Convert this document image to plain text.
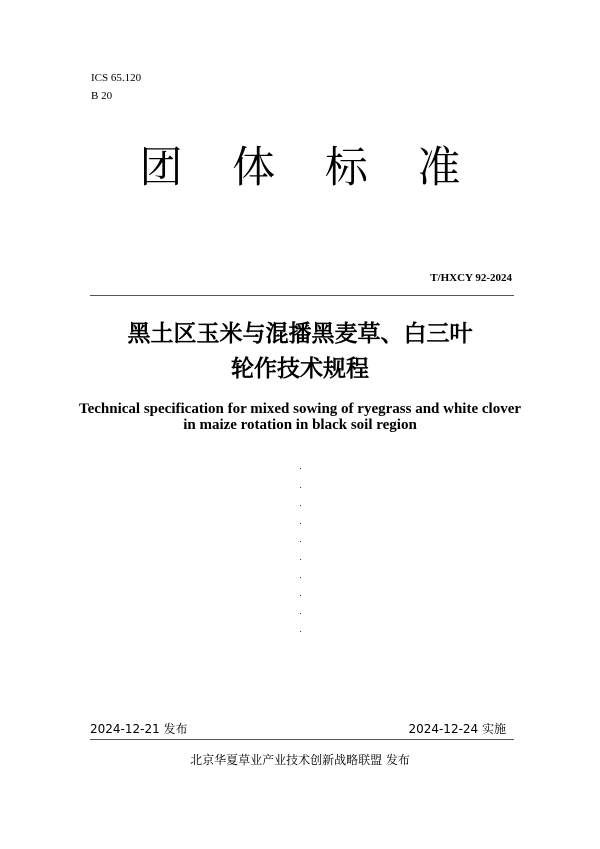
ICS 65.120
B 20
团 体 标 准
T/HXCY 92-2024
黑土区玉米与混播黑麦草、白三叶
轮作技术规程
Technical specification for mixed sowing of ryegrass and white clover
in maize rotation in black soil region
2024-12-21 发布	2024-12-24 实施
北京华夏草业产业技术创新战略联盟 发布
